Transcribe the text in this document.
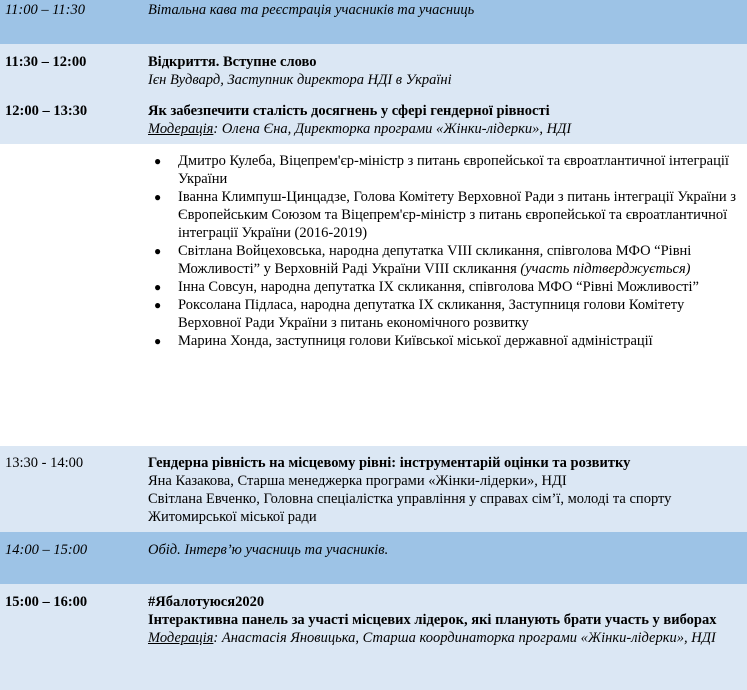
11:00 – 11:30	Вітальна кава та реєстрація учасників та учасниць
11:30 – 12:00	Відкриття. Вступне слово
Ієн Вудвард, Заступник директора НДІ в Україні
12:00 – 13:30	Як забезпечити сталість досягнень у сфері гендерної рівності
Модерація: Олена Єна, Директорка програми «Жінки-лідерки», НДІ
● Дмитро Кулеба, Віцепрем'єр-міністр з питань європейської та євроатлантичної інтеграції України
● Іванна Климпуш-Цинцадзе, Голова Комітету Верховної Ради з питань інтеграції України з Європейським Союзом та Віцепрем'єр-міністр з питань європейської та євроатлантичної інтеграції України (2016-2019)
● Світлана Войцеховська, народна депутатка VIII скликання, співголова МФО “Рівні Можливості” у Верховній Раді України VIII скликання (участь підтверджується)
● Інна Совсун, народна депутатка IX скликання, співголова МФО “Рівні Можливості”
● Роксолана Підласа, народна депутатка IX скликання, Заступниця голови Комітету Верховної Ради України з питань економічного розвитку
● Марина Хонда, заступниця голови Київської міської державної адміністрації
13:30 - 14:00	Гендерна рівність на місцевому рівні: інструментарій оцінки та розвитку
Яна Казакова, Старша менеджерка програми «Жінки-лідерки», НДІ
Світлана Евченко, Головна спеціалістка управління у справах сім’ї, молоді та спорту Житомирської міської ради
14:00 – 15:00	Обід. Інтерв’ю учасниць та учасників.
15:00 – 16:00	#Ябалотуюся2020
Інтерактивна панель за участі місцевих лідерок, які планують брати участь у виборах
Модерація: Анастасія Яновицька, Старша координаторка програми «Жінки-лідерки», НДІ
